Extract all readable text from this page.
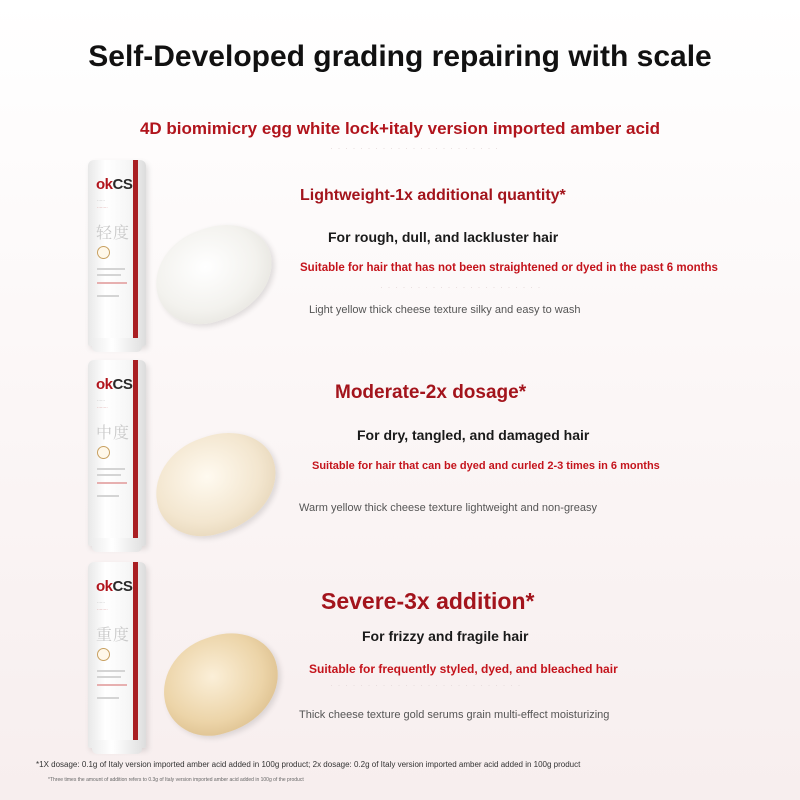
Self-Developed grading repairing with scale
4D biomimicry egg white lock+italy version imported amber acid
· · · · · · · · · · · · · · · · · · · · · · ·
okCS
······
········
轻度
okCS
······
········
中度
okCS
······
········
重度
Lightweight-1x additional quantity*
For rough, dull, and lackluster hair
Suitable for hair that has not been straightened or dyed in the past 6 months
· · · · · · · · · · · · · · · · · · · · · ·
Light yellow thick cheese texture silky and easy to wash
Moderate-2x dosage*
For dry, tangled, and damaged hair
Suitable for hair that can be dyed and curled 2-3 times in 6 months
Warm yellow thick cheese texture lightweight and non-greasy
Severe-3x addition*
For frizzy and fragile hair
Suitable for frequently styled, dyed, and bleached hair
· · · · · · · · · · · · · · · · · · · · · · · · · ·
Thick cheese texture gold serums grain multi-effect moisturizing
*1X dosage: 0.1g of Italy version imported amber acid added in 100g product; 2x dosage: 0.2g of Italy version imported amber acid added in 100g product
*Three times the amount of addition refers to 0.3g of Italy version imported amber acid added in 100g of the product
